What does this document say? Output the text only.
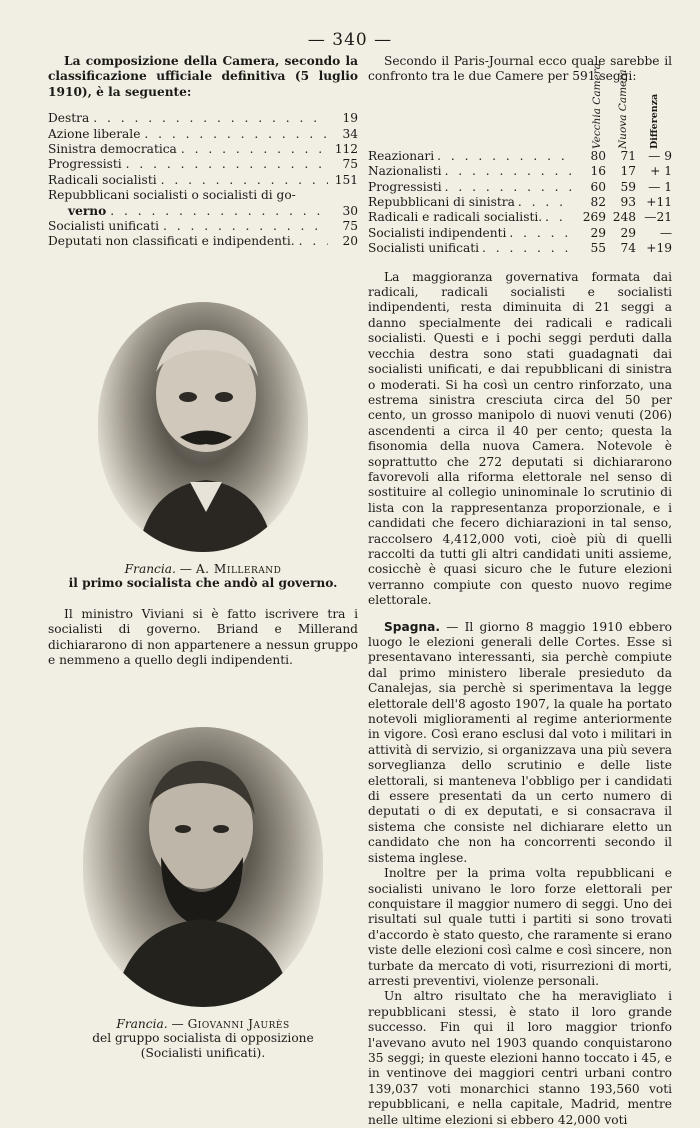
— 340 —

La composizione della Camera, secondo la classificazione ufficiale definitiva (5 luglio 1910), è la seguente:

Destra . . .	19
Azione liberale . . .	34
Sinistra democratica . . .	112
Progressisti . . .	75
Radicali socialisti . . .	151
Repubblicani socialisti o socialisti di go-
verno . . .	30
Socialisti unificati . . .	75
Deputati non classificati e indipendenti. . . .	20
Francia. — A. Millerand
il primo socialista che andò al governo.

Il ministro Viviani si è fatto iscrivere tra i socialisti di governo. Briand e Millerand dichiararono di non appartenere a nessun gruppo e nemmeno a quello degli indipendenti.

Francia. — Giovanni Jaurès
del gruppo socialista di opposizione
(Socialisti unificati).

Secondo il Paris-Journal ecco quale sarebbe il confronto tra le due Camere per 591 seggi:

Vecchia Camera Nuova Camera Differenza
Reazionari . . .	80	71 — 9
Nazionalisti . . .	16	17	+ 1
Progressisti . . .	60	59 — 1
Repubblicani di sinistra . . .	82	93 +11
Radicali e radicali socialisti. . . .	269 248 —21
Socialisti indipendenti . . .	29	29	—
Socialisti unificati . . .	55	74 +19

La maggioranza governativa formata dai radicali, radicali socialisti e socialisti indipendenti, resta diminuita di 21 seggi a danno specialmente dei radicali e radicali socialisti. Questi e i pochi seggi perduti dalla vecchia destra sono stati guadagnati dai socialisti unificati, e dai repubblicani di sinistra o moderati. Si ha così un centro rinforzato, una estrema sinistra cresciuta circa del 50 per cento, un grosso manipolo di nuovi venuti (206) ascendenti a circa il 40 per cento; questa la fisonomia della nuova Camera. Notevole è soprattutto che 272 deputati si dichiararono favorevoli alla riforma elettorale nel senso di sostituire al collegio uninominale lo scrutinio di lista con la rappresentanza proporzionale, e i candidati che fecero dichiarazioni in tal senso, raccolsero 4,412,000 voti, cioè più di quelli raccolti da tutti gli altri candidati uniti assieme, cosicchè è quasi sicuro che le future elezioni verranno compiute con questo nuovo regime elettorale.

Spagna. — Il giorno 8 maggio 1910 ebbero luogo le elezioni generali delle Cortes. Esse si presentavano interessanti, sia perchè compiute dal primo ministero liberale presieduto da Canalejas, sia perchè si sperimentava la legge elettorale dell'8 agosto 1907, la quale ha portato notevoli miglioramenti al regime anteriormente in vigore. Così erano esclusi dal voto i militari in attività di servizio, si organizzava una più severa sorveglianza dello scrutinio e delle liste elettorali, si manteneva l'obbligo per i candidati di essere presentati da un certo numero di deputati o di ex deputati, e si consacrava il sistema che consiste nel dichiarare eletto un candidato che non ha concorrenti secondo il sistema inglese.

Inoltre per la prima volta repubblicani e socialisti univano le loro forze elettorali per conquistare il maggior numero di seggi. Uno dei risultati sul quale tutti i partiti si sono trovati d'accordo è stato questo, che raramente si erano viste delle elezioni così calme e così sincere, non turbate da mercato di voti, risurrezioni di morti, arresti preventivi, violenze personali.

Un altro risultato che ha meravigliato i repubblicani stessi, è stato il loro grande successo. Fin qui il loro maggior trionfo l'avevano avuto nel 1903 quando conquistarono 35 seggi; in queste elezioni hanno toccato i 45, e in ventinove dei maggiori centri urbani contro 139,037 voti monarchici stanno 193,560 voti repubblicani, e nella capitale, Madrid, mentre nelle ultime elezioni si ebbero 42,000 voti
